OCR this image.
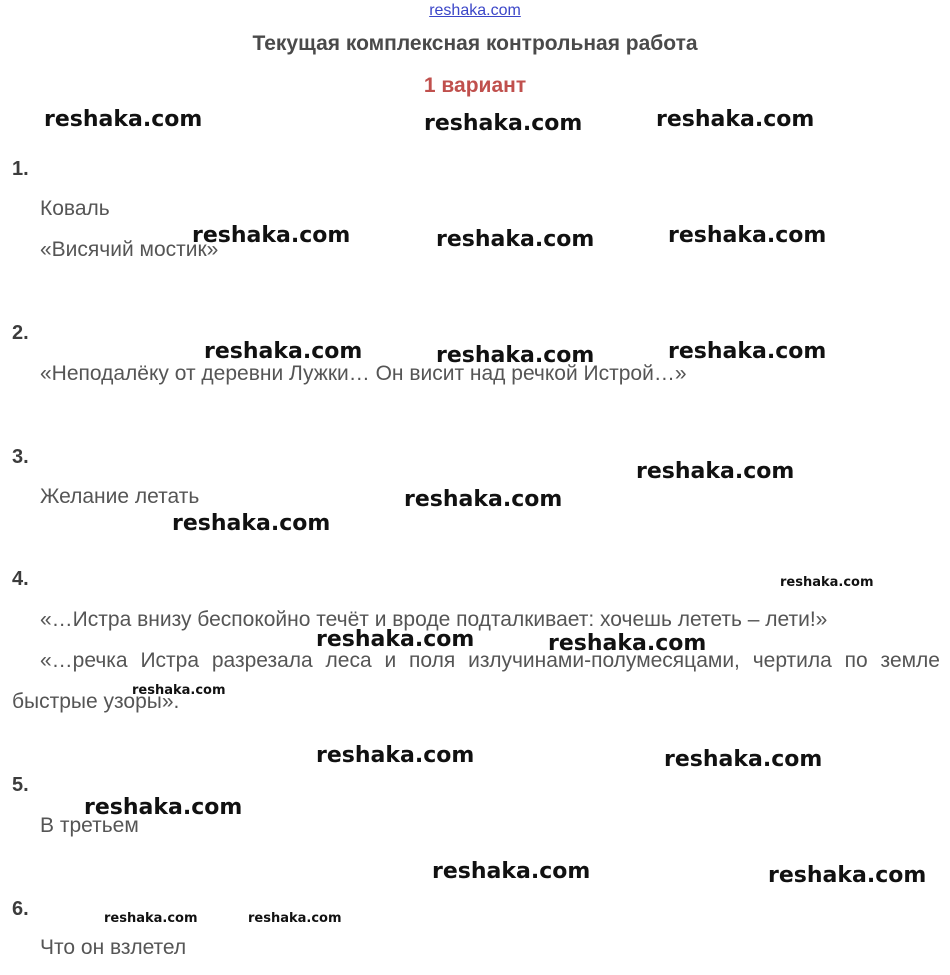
reshaka.com
Текущая комплексная контрольная работа
1 вариант
1.
Коваль
«Висячий мостик»
2.
«Неподалёку от деревни Лужки… Он висит над речкой Истрой…»
3.
Желание летать
4.
«…Истра внизу беспокойно течёт и вроде подталкивает: хочешь лететь – лети!»
«…речка Истра разрезала леса и поля излучинами-полумесяцами, чертила по земле быстрые узоры».
5.
В третьем
6.
Что он взлетел
reshaka.com	reshaka.com	reshaka.com
reshaka.com	reshaka.com	reshaka.com
reshaka.com	reshaka.com	reshaka.com
reshaka.com
reshaka.com
reshaka.com
reshaka.com
reshaka.com	reshaka.com
reshaka.com
reshaka.com	reshaka.com
reshaka.com
reshaka.com	reshaka.com
reshaka.com	reshaka.com
